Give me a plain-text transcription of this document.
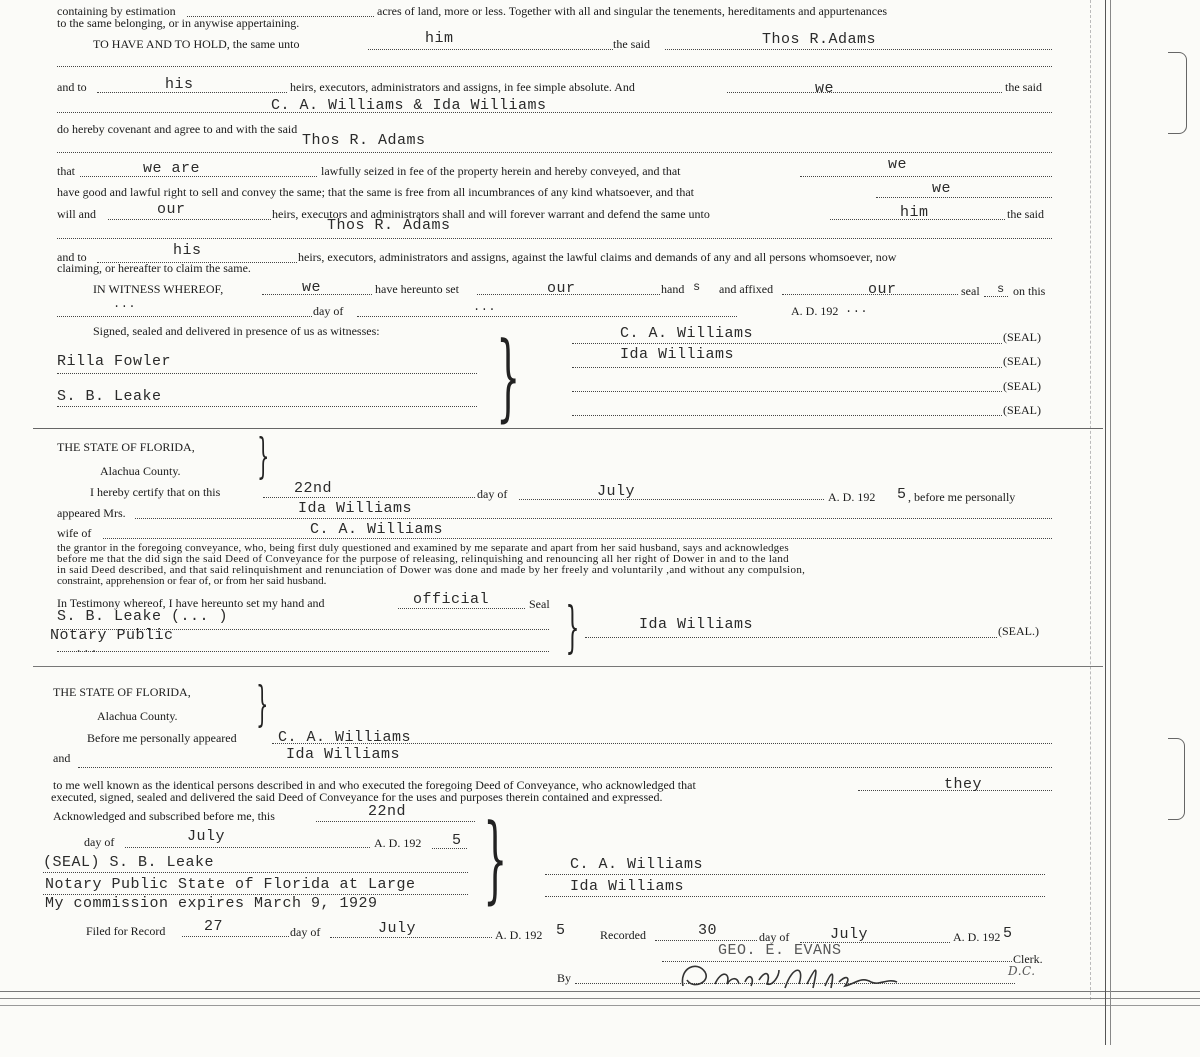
containing by estimation	acres of land, more or less. Together with all and singular the tenements, hereditaments and appurtenances
to the same belonging, or in anywise appertaining.
TO HAVE AND TO HOLD, the same unto	him	the said	Thos R.Adams
and to	his	heirs, executors, administrators and assigns, in fee simple absolute. And	we	the said
C. A. Williams & Ida Williams
do hereby covenant and agree to and with the said
Thos R. Adams
that	we are	lawfully seized in fee of the property herein and hereby conveyed, and that	we
have good and lawful right to sell and convey the same; that the same is free from all incumbrances of any kind whatsoever, and that	we
will and	our	heirs, executors and administrators shall and will forever warrant and defend the same unto	him	the said
Thos R. Adams
and to	his	heirs, executors, administrators and assigns, against the lawful claims and demands of any and all persons whomsoever, now
claiming, or hereafter to claim the same.
IN WITNESS WHEREOF,	we	have hereunto set	our	hand s and affixed	our	seal s on this
...	day of	...	A. D. 192 ...
Signed, sealed and delivered in presence of us as witnesses:
Rilla Fowler
S. B. Leake	}	C. A. Williams	(SEAL)
Ida Williams	(SEAL)
(SEAL)
(SEAL)
THE STATE OF FLORIDA, }
Alachua County.
I hereby certify that on this	22nd	day of	July	A. D. 192 5 , before me personally
appeared Mrs.	Ida Williams
wife of	C. A. Williams
the grantor in the foregoing conveyance, who, being first duly questioned and examined by me separate and apart from her said husband, says and acknowledges
before me that the did sign the said Deed of Conveyance for the purpose of releasing, relinquishing and renouncing all her right of Dower in and to the land
in said Deed described, and that said relinquishment and renunciation of Dower was done and made by her freely and voluntarily ,and without any compulsion,
constraint, apprehension or fear of, or from her said husband.
In Testimony whereof, I have hereunto set my hand and	official	Seal
S. B. Leake (... )
Notary Public
...	}	Ida Williams	(SEAL.)
THE STATE OF FLORIDA, }
Alachua County.
Before me personally appeared	C. A. Williams
and	Ida Williams
to me well known as the identical persons described in and who executed the foregoing Deed of Conveyance, who acknowledged that	they
executed, signed, sealed and delivered the said Deed of Conveyance for the uses and purposes therein contained and expressed.
Acknowledged and subscribed before me, this	22nd
day of	July	A. D. 192 5
(SEAL) S. B. Leake
Notary Public State of Florida at Large
My commission expires March 9, 1929 }	C. A. Williams
Ida Williams
Filed for Record	27	day of	July	A. D. 192 5	Recorded	30	day of	July	A. D. 192 5
GEO. E. EVANS	Clerk.
By	D.C.
